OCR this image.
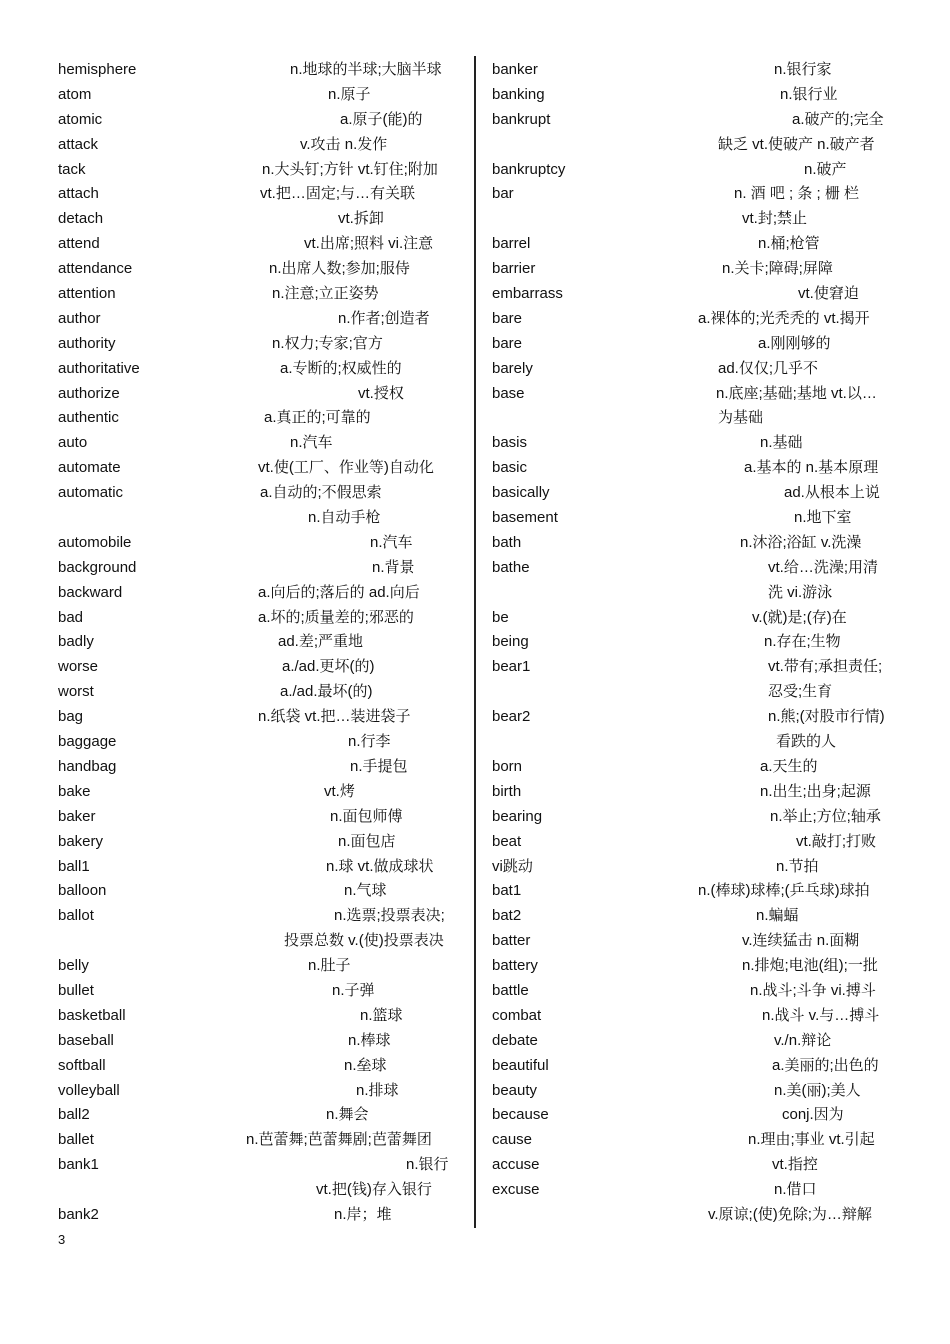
hemisphere	n.地球的半球;大脑半球
atom	n.原子
atomic	a.原子(能)的
attack	v.攻击 n.发作
tack	n.大头钉;方针 vt.钉住;附加
attach	vt.把…固定;与…有关联
detach	vt.拆卸
attend	vt.出席;照料 vi.注意
attendance	n.出席人数;参加;服侍
attention	n.注意;立正姿势
author	n.作者;创造者
authority	n.权力;专家;官方
authoritative	a.专断的;权威性的
authorize	vt.授权
authentic	a.真正的;可靠的
auto	n.汽车
automate	vt.使(工厂、作业等)自动化
automatic	a.自动的;不假思索
n.自动手枪
automobile	n.汽车
background	n.背景
backward	a.向后的;落后的 ad.向后
bad	a.坏的;质量差的;邪恶的
badly	ad.差;严重地
worse	a./ad.更坏(的)
worst	a./ad.最坏(的)
bag	n.纸袋 vt.把…装进袋子
baggage	n.行李
handbag	n.手提包
bake	vt.烤
baker	n.面包师傅
bakery	n.面包店
ball1	n.球 vt.做成球状
balloon	n.气球
ballot	n.选票;投票表决;
投票总数 v.(使)投票表决
belly	n.肚子
bullet	n.子弹
basketball	n.篮球
baseball	n.棒球
softball	n.垒球
volleyball	n.排球
ball2	n.舞会
ballet	n.芭蕾舞;芭蕾舞剧;芭蕾舞团
bank1	n.银行
vt.把(钱)存入银行
bank2	n.岸；堆
banker	n.银行家
banking	n.银行业
bankrupt	a.破产的;完全
缺乏 vt.使破产 n.破产者
bankruptcy	n.破产
bar	n. 酒 吧 ; 条 ; 栅 栏
vt.封;禁止
barrel	n.桶;枪管
barrier	n.关卡;障碍;屏障
embarrass	vt.使窘迫
bare	a.裸体的;光秃秃的 vt.揭开
bare	a.刚刚够的
barely	ad.仅仅;几乎不
base	n.底座;基础;基地 vt.以…
为基础
basis	n.基础
basic	a.基本的 n.基本原理
basically	ad.从根本上说
basement	n.地下室
bath	n.沐浴;浴缸 v.洗澡
bathe	vt.给…洗澡;用清
洗 vi.游泳
be	v.(就)是;(存)在
being	n.存在;生物
bear1	vt.带有;承担责任;
忍受;生育
bear2	n.熊;(对股市行情)
看跌的人
born	a.天生的
birth	n.出生;出身;起源
bearing	n.举止;方位;轴承
beat	vt.敲打;打败
vi跳动	n.节拍
bat1	n.(棒球)球棒;(乒乓球)球拍
bat2	n.蝙蝠
batter	v.连续猛击 n.面糊
battery	n.排炮;电池(组);一批
battle	n.战斗;斗争 vi.搏斗
combat	n.战斗 v.与…搏斗
debate	v./n.辩论
beautiful	a.美丽的;出色的
beauty	n.美(丽);美人
because	conj.因为
cause	n.理由;事业 vt.引起
accuse	vt.指控
excuse	n.借口
v.原谅;(使)免除;为…辩解
3
